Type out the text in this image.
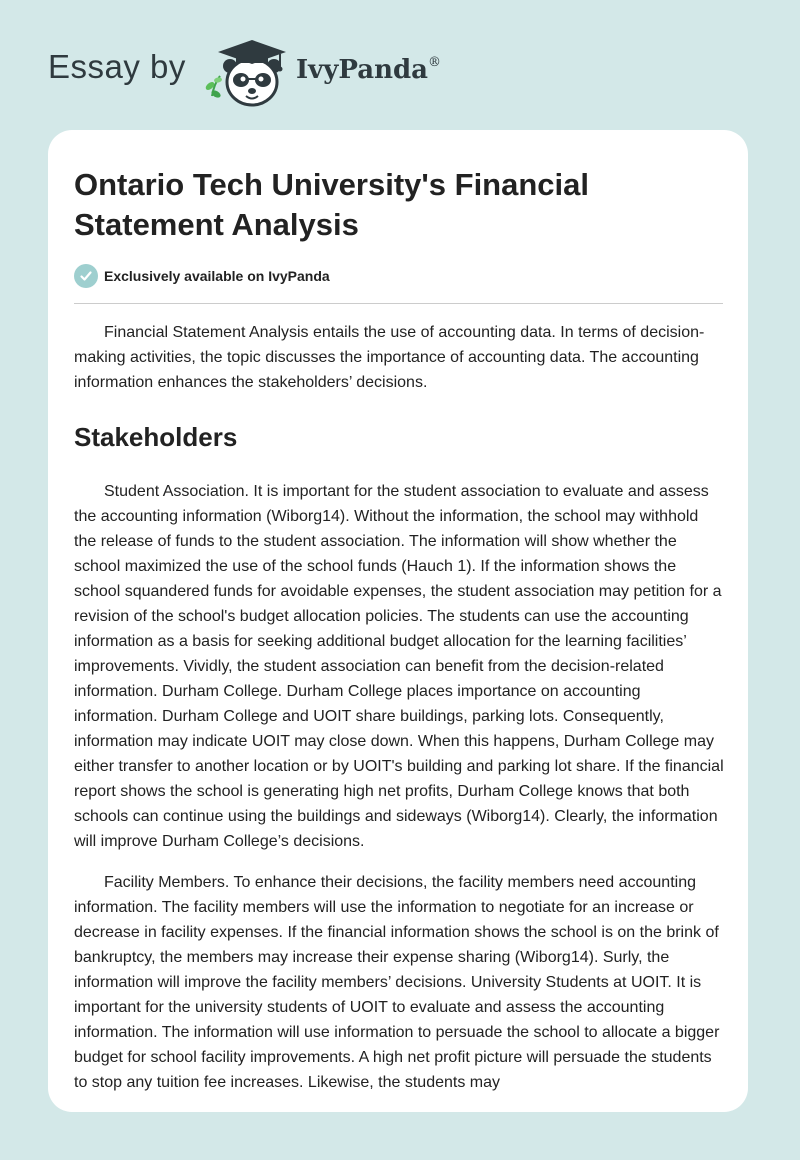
Essay by	IvyPanda®
Ontario Tech University's Financial Statement Analysis
Exclusively available on IvyPanda

Financial Statement Analysis entails the use of accounting data. In terms of decision-making activities, the topic discusses the importance of accounting data. The accounting information enhances the stakeholders’ decisions.

Stakeholders

Student Association. It is important for the student association to evaluate and assess the accounting information (Wiborg14). Without the information, the school may withhold the release of funds to the student association. The information will show whether the school maximized the use of the school funds (Hauch 1). If the information shows the school squandered funds for avoidable expenses, the student association may petition for a revision of the school's budget allocation policies. The students can use the accounting information as a basis for seeking additional budget allocation for the learning facilities’ improvements. Vividly, the student association can benefit from the decision-related information. Durham College. Durham College places importance on accounting information. Durham College and UOIT share buildings, parking lots. Consequently, information may indicate UOIT may close down. When this happens, Durham College may either transfer to another location or by UOIT's building and parking lot share. If the financial report shows the school is generating high net profits, Durham College knows that both schools can continue using the buildings and sideways (Wiborg14). Clearly, the information will improve Durham College’s decisions.

Facility Members. To enhance their decisions, the facility members need accounting information. The facility members will use the information to negotiate for an increase or decrease in facility expenses. If the financial information shows the school is on the brink of bankruptcy, the members may increase their expense sharing (Wiborg14). Surly, the information will improve the facility members’ decisions. University Students at UOIT. It is important for the university students of UOIT to evaluate and assess the accounting information. The information will use information to persuade the school to allocate a bigger budget for school facility improvements. A high net profit picture will persuade the students to stop any tuition fee increases. Likewise, the students may
